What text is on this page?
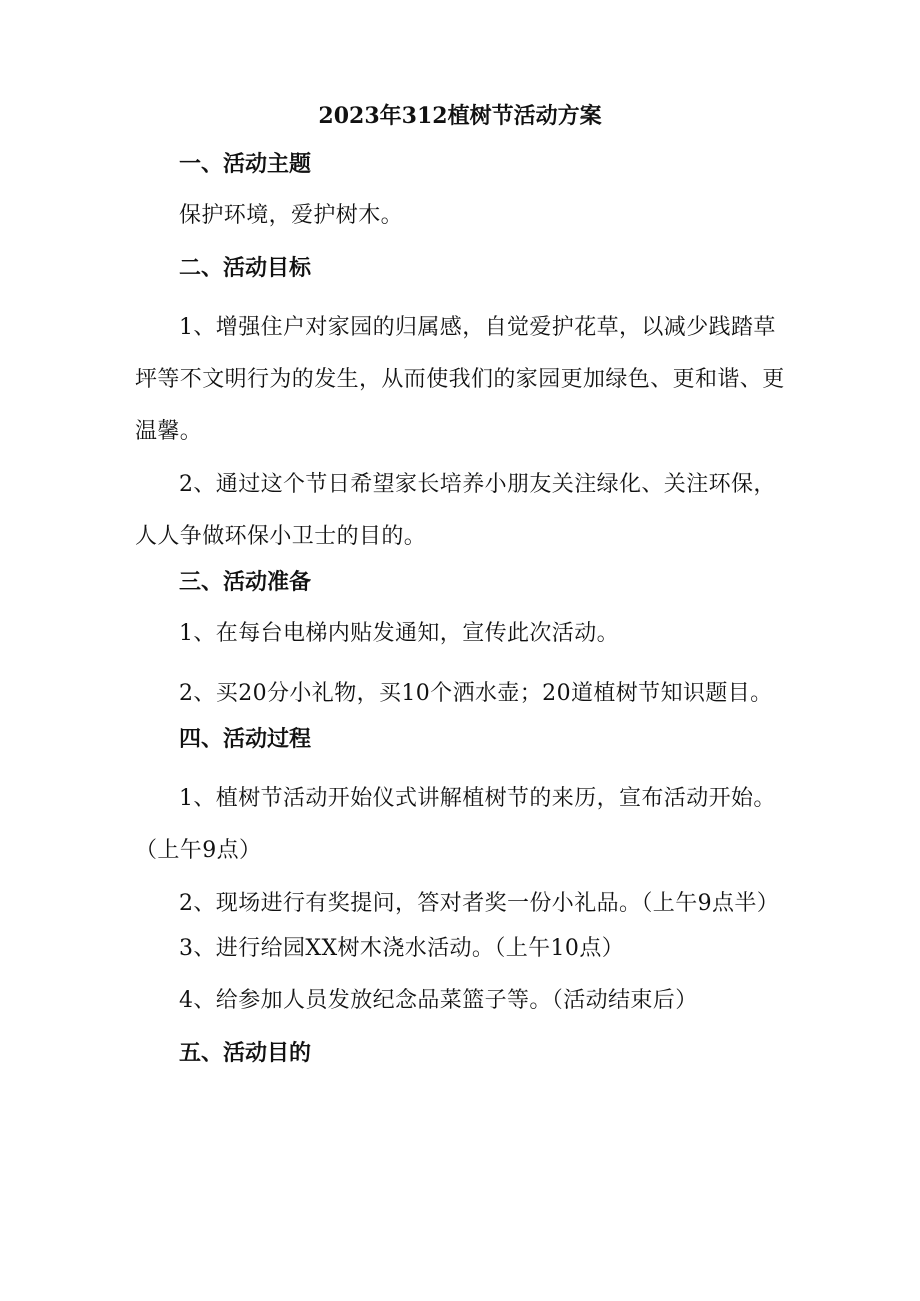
2023年312植树节活动方案
一、活动主题
保护环境，爱护树木。
二、活动目标
1、增强住户对家园的归属感，自觉爱护花草，以减少践踏草坪等不文明行为的发生，从而使我们的家园更加绿色、更和谐、更温馨。
2、通过这个节日希望家长培养小朋友关注绿化、关注环保，人人争做环保小卫士的目的。
三、活动准备
1、在每台电梯内贴发通知，宣传此次活动。
2、买20分小礼物，买10个洒水壶；20道植树节知识题目。
四、活动过程
1、植树节活动开始仪式讲解植树节的来历，宣布活动开始。（上午9点）
2、现场进行有奖提问，答对者奖一份小礼品。（上午9点半）
3、进行给园XX树木浇水活动。（上午10点）
4、给参加人员发放纪念品菜篮子等。（活动结束后）
五、活动目的
